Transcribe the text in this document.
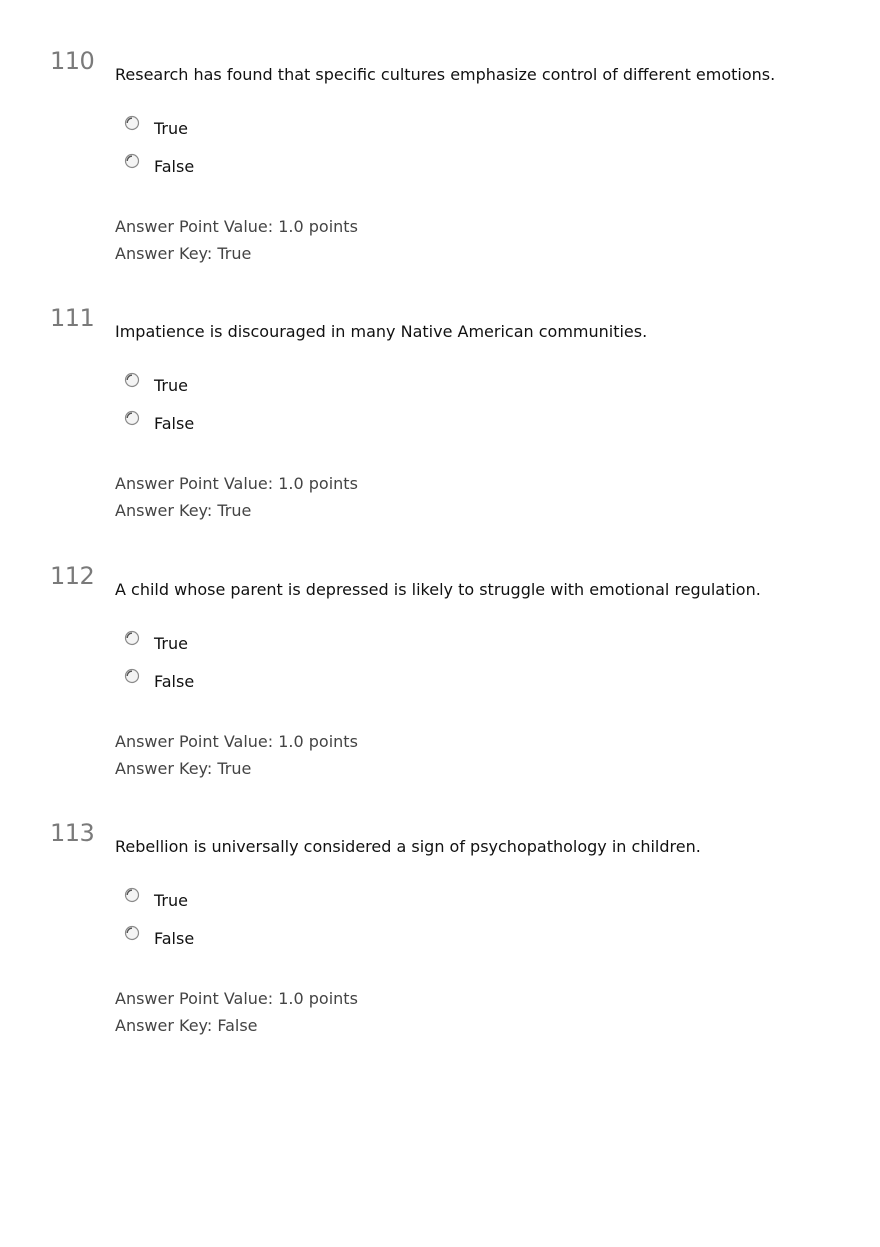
110 Research has found that specific cultures emphasize control of different emotions.
True
False
Answer Point Value: 1.0 points
Answer Key: True
111 Impatience is discouraged in many Native American communities.
True
False
Answer Point Value: 1.0 points
Answer Key: True
112 A child whose parent is depressed is likely to struggle with emotional regulation.
True
False
Answer Point Value: 1.0 points
Answer Key: True
113 Rebellion is universally considered a sign of psychopathology in children.
True
False
Answer Point Value: 1.0 points
Answer Key: False
